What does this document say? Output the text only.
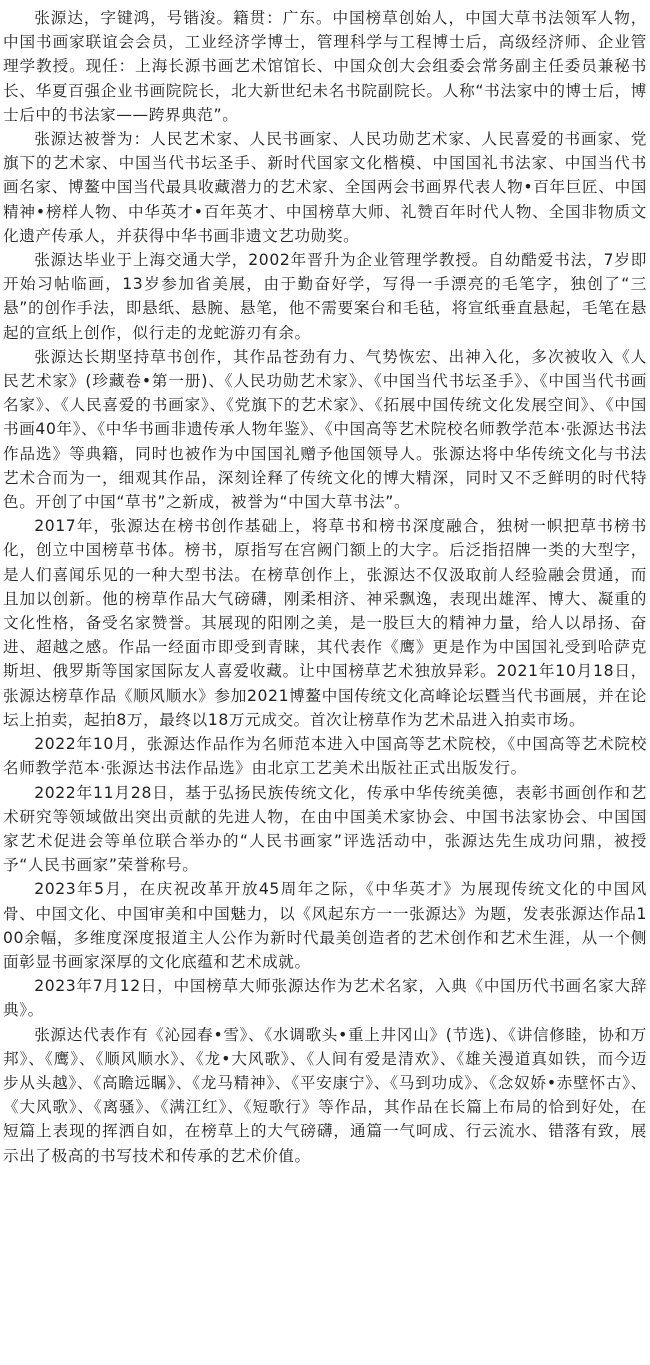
张源达，字键鸿，号锴浚。籍贯：广东。中国榜草创始人，中国大草书法领军人物，中国书画家联谊会会员，工业经济学博士，管理科学与工程博士后，高级经济师、企业管理学教授。现任：上海长源书画艺术馆馆长、中国众创大会组委会常务副主任委员兼秘书长、华夏百强企业书画院院长，北大新世纪未名书院副院长。人称“书法家中的博士后，博士后中的书法家——跨界典范”。

张源达被誉为：人民艺术家、人民书画家、人民功勋艺术家、人民喜爱的书画家、党旗下的艺术家、中国当代书坛圣手、新时代国家文化楷模、中国国礼书法家、中国当代书画名家、博鳌中国当代最具收藏潜力的艺术家、全国两会书画界代表人物•百年巨匠、中国精神•榜样人物、中华英才•百年英才、中国榜草大师、礼赞百年时代人物、全国非物质文化遗产传承人，并获得中华书画非遗文艺功勋奖。

张源达毕业于上海交通大学，2002年晋升为企业管理学教授。自幼酷爱书法，7岁即开始习帖临画，13岁参加省美展，由于勤奋好学，写得一手漂亮的毛笔字，独创了“三悬”的创作手法，即悬纸、悬腕、悬笔，他不需要案台和毛毡，将宣纸垂直悬起，毛笔在悬起的宣纸上创作，似行走的龙蛇游刃有余。

张源达长期坚持草书创作，其作品苍劲有力、气势恢宏、出神入化，多次被收入《人民艺术家》(珍藏卷•第一册)、《人民功勋艺术家》、《中国当代书坛圣手》、《中国当代书画名家》、《人民喜爱的书画家》、《党旗下的艺术家》、《拓展中国传统文化发展空间》、《中国书画40年》、《中华书画非遗传承人物年鉴》、《中国高等艺术院校名师教学范本·张源达书法作品选》等典籍，同时也被作为中国国礼赠予他国领导人。张源达将中华传统文化与书法艺术合而为一，细观其作品，深刻诠释了传统文化的博大精深，同时又不乏鲜明的时代特色。开创了中国“草书”之新成，被誉为“中国大草书法”。

2017年，张源达在榜书创作基础上，将草书和榜书深度融合，独树一帜把草书榜书化，创立中国榜草书体。榜书，原指写在宫阙门额上的大字。后泛指招牌一类的大型字，是人们喜闻乐见的一种大型书法。在榜草创作上，张源达不仅汲取前人经验融会贯通，而且加以创新。他的榜草作品大气磅礴，刚柔相济、神采飘逸，表现出雄浑、博大、凝重的文化性格，备受名家赞誉。其展现的阳刚之美，是一股巨大的精神力量，给人以昂扬、奋进、超越之感。作品一经面市即受到青睐，其代表作《鹰》更是作为中国国礼受到哈萨克斯坦、俄罗斯等国家国际友人喜爱收藏。让中国榜草艺术独放异彩。2021年10月18日，张源达榜草作品《顺风顺水》参加2021博鳌中国传统文化高峰论坛暨当代书画展，并在论坛上拍卖，起拍8万，最终以18万元成交。首次让榜草作为艺术品进入拍卖市场。

2022年10月，张源达作品作为名师范本进入中国高等艺术院校，《中国高等艺术院校名师教学范本·张源达书法作品选》由北京工艺美术出版社正式出版发行。

2022年11月28日，基于弘扬民族传统文化，传承中华传统美德，表彰书画创作和艺术研究等领域做出突出贡献的先进人物，在由中国美术家协会、中国书法家协会、中国国家艺术促进会等单位联合举办的“人民书画家”评选活动中，张源达先生成功问鼎，被授予“人民书画家”荣誉称号。

2023年5月，在庆祝改革开放45周年之际，《中华英才》为展现传统文化的中国风骨、中国文化、中国审美和中国魅力，以《风起东方一一张源达》为题，发表张源达作品100余幅，多维度深度报道主人公作为新时代最美创造者的艺术创作和艺术生涯，从一个侧面彰显书画家深厚的文化底蕴和艺术成就。

2023年7月12日，中国榜草大师张源达作为艺术名家，入典《中国历代书画名家大辞典》。

张源达代表作有《沁园春•雪》、《水调歌头•重上井冈山》(节选)、《讲信修睦，协和万邦》、《鹰》、《顺风顺水》、《龙•大风歌》、《人间有爱是清欢》、《雄关漫道真如铁，而今迈步从头越》、《高瞻远瞩》、《龙马精神》、《平安康宁》、《马到功成》、《念奴娇•赤壁怀古》、《大风歌》、《离骚》、《满江红》、《短歌行》等作品，其作品在长篇上布局的恰到好处，在短篇上表现的挥洒自如，在榜草上的大气磅礴，通篇一气呵成、行云流水、错落有致，展示出了极高的书写技术和传承的艺术价值。
